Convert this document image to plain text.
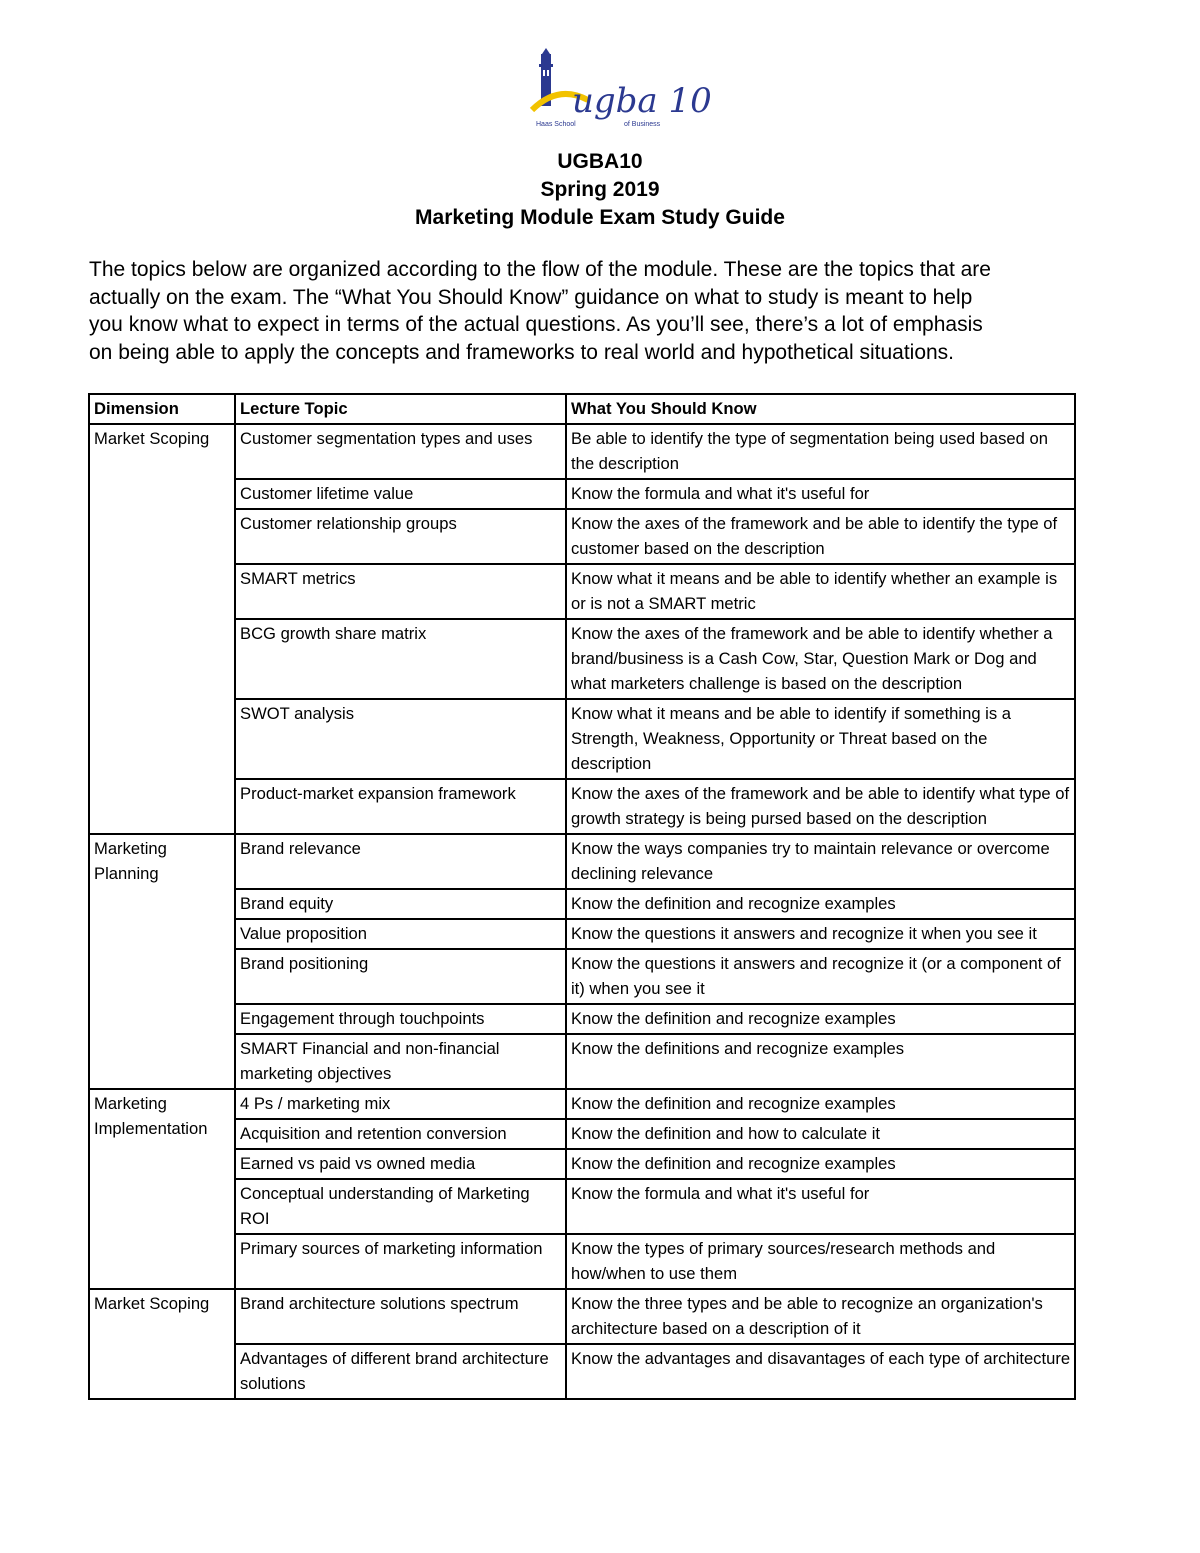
ugba 10
Haas School	of Business
UGBA10
Spring 2019
Marketing Module Exam Study Guide
The topics below are organized according to the flow of the module. These are the topics that are
actually on the exam. The “What You Should Know” guidance on what to study is meant to help
you know what to expect in terms of the actual questions. As you’ll see, there’s a lot of emphasis
on being able to apply the concepts and frameworks to real world and hypothetical situations.
Dimension	Lecture Topic	What You Should Know
Market Scoping	Customer segmentation types and uses	Be able to identify the type of segmentation being used based on the description
	Customer lifetime value	Know the formula and what it's useful for
	Customer relationship groups	Know the axes of the framework and be able to identify the type of customer based on the description
	SMART metrics	Know what it means and be able to identify whether an example is or is not a SMART metric
	BCG growth share matrix	Know the axes of the framework and be able to identify whether a brand/business is a Cash Cow, Star, Question Mark or Dog and what marketers challenge is based on the description
	SWOT analysis	Know what it means and be able to identify if something is a Strength, Weakness, Opportunity or Threat based on the description
	Product-market expansion framework	Know the axes of the framework and be able to identify what type of growth strategy is being pursed based on the description
Marketing Planning	Brand relevance	Know the ways companies try to maintain relevance or overcome declining relevance
	Brand equity	Know the definition and recognize examples
	Value proposition	Know the questions it answers and recognize it when you see it
	Brand positioning	Know the questions it answers and recognize it (or a component of it) when you see it
	Engagement through touchpoints	Know the definition and recognize examples
	SMART Financial and non-financial marketing objectives	Know the definitions and recognize examples
Marketing Implementation	4 Ps / marketing mix	Know the definition and recognize examples
	Acquisition and retention conversion	Know the definition and how to calculate it
	Earned vs paid vs owned media	Know the definition and recognize examples
	Conceptual understanding of Marketing ROI	Know the formula and what it's useful for
	Primary sources of marketing information	Know the types of primary sources/research methods and how/when to use them
Market Scoping	Brand architecture solutions spectrum	Know the three types and be able to recognize an organization's architecture based on a description of it
	Advantages of different brand architecture solutions	Know the advantages and disavantages of each type of architecture
